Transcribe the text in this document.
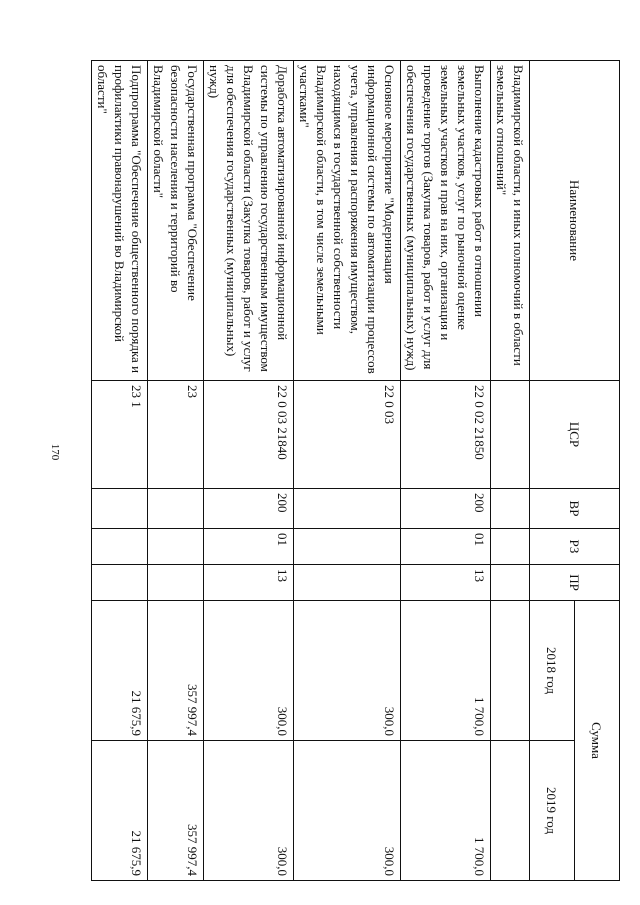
170
Наименование	ЦСР	ВР	РЗ	ПР	Сумма	
					2018 год	2019 год
Владимирской области, и иных полномочий в области земельных отношений"						
Выполнение кадастровых работ в отношении земельных участков, услуг по рыночной оценке земельных участков и прав на них, организация и проведение торгов (Закупка товаров, работ и услуг для обеспечения государственных (муниципальных) нужд)	22 0 02 21850	200	01	13	1 700,0	1 700,0
Основное мероприятие "Модернизация информационной системы по автоматизации процессов учета, управления и распоряжения имуществом, находящимся в государственной собственности Владимирской области, в том числе земельными участками"	22 0 03				300,0	300,0
Доработка автоматизированной информационной системы по управлению государственным имуществом Владимирской области (Закупка товаров, работ и услуг для обеспечения государственных (муниципальных) нужд)	22 0 03 21840	200	01	13	300,0	300,0
Государственная программа "Обеспечение безопасности населения и территорий во Владимирской области"	23				357 997,4	357 997,4
Подпрограмма "Обеспечение общественного порядка и профилактики правонарушений во Владимирской области"	23 1				21 675,9	21 675,9
